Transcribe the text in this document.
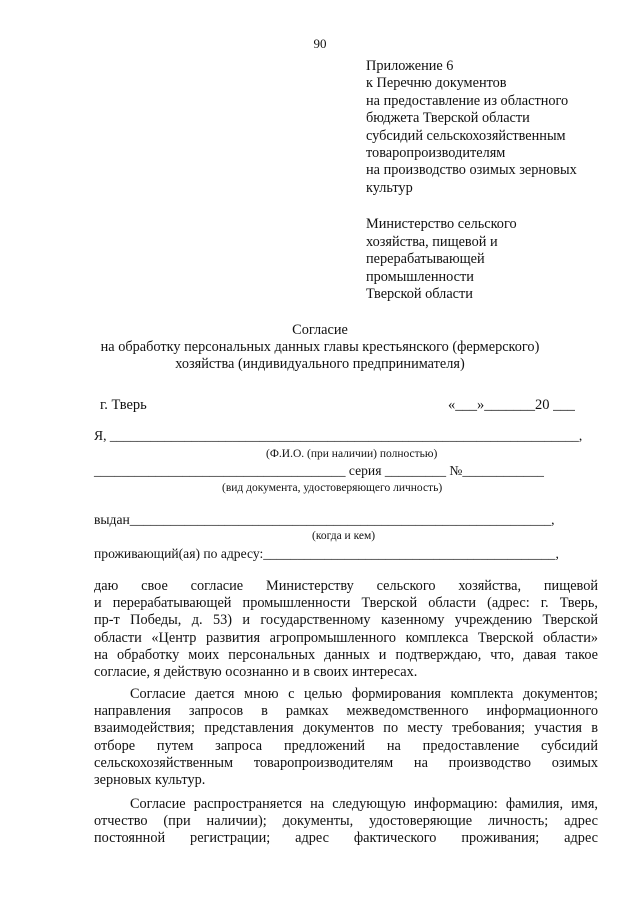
90
Приложение 6
к Перечню документов
на предоставление из областного
бюджета Тверской области
субсидий сельскохозяйственным
товаропроизводителям
на производство озимых зерновых
культур
Министерство сельского
хозяйства, пищевой и
перерабатывающей
промышленности
Тверской области
Согласие
на обработку персональных данных главы крестьянского (фермерского)
хозяйства (индивидуального предпринимателя)
г. Тверь	«___»_______20 ___
Я, _____________________________________________________________________,
(Ф.И.О. (при наличии) полностью)
_____________________________________ серия _________ №____________
(вид документа, удостоверяющего личность)
выдан______________________________________________________________,
(когда и кем)
проживающий(ая) по адресу:___________________________________________,
даю свое согласие Министерству сельского хозяйства, пищевой
и перерабатывающей промышленности Тверской области (адрес: г. Тверь,
пр-т Победы, д. 53) и государственному казенному учреждению Тверской
области «Центр развития агропромышленного комплекса Тверской области»
на обработку моих персональных данных и подтверждаю, что, давая такое
согласие, я действую осознанно и в своих интересах.
Согласие дается мною с целью формирования комплекта документов;
направления запросов в рамках межведомственного информационного
взаимодействия; представления документов по месту требования; участия в
отборе путем запроса предложений на предоставление субсидий
сельскохозяйственным товаропроизводителям на производство озимых
зерновых культур.
Согласие распространяется на следующую информацию: фамилия, имя,
отчество (при наличии); документы, удостоверяющие личность; адрес
постоянной регистрации; адрес фактического проживания; адрес
